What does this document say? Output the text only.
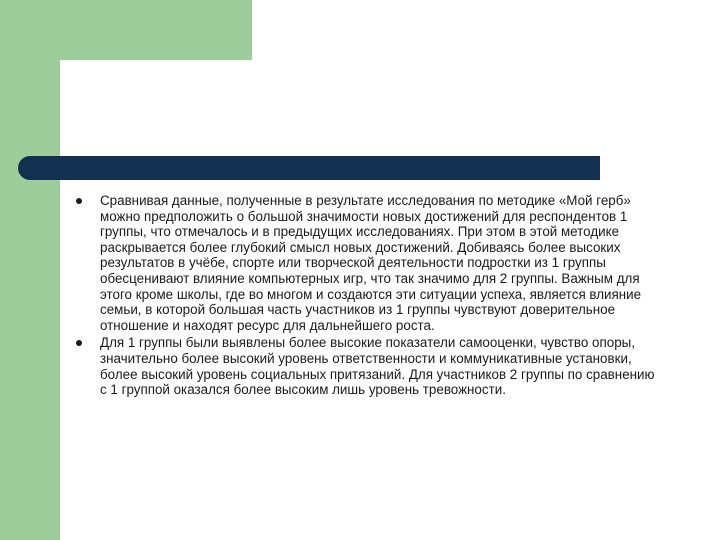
Сравнивая данные, полученные в результате исследования по методике «Мой герб» можно предположить о большой значимости новых достижений для респондентов 1 группы, что отмечалось и в предыдущих исследованиях. При этом в этой методике раскрывается более глубокий смысл новых достижений. Добиваясь более высоких результатов в учёбе, спорте или творческой деятельности подростки из 1 группы обесценивают влияние компьютерных игр, что так значимо для 2 группы. Важным для этого кроме школы, где во многом и создаются эти ситуации успеха, является влияние семьи, в которой большая часть участников из 1 группы чувствуют доверительное отношение и находят ресурс для дальнейшего роста.
Для 1 группы были выявлены более высокие показатели самооценки, чувство опоры, значительно более высокий уровень ответственности и коммуникативные установки, более высокий уровень социальных притязаний. Для участников 2 группы по сравнению с 1 группой оказался более высоким лишь уровень тревожности.
